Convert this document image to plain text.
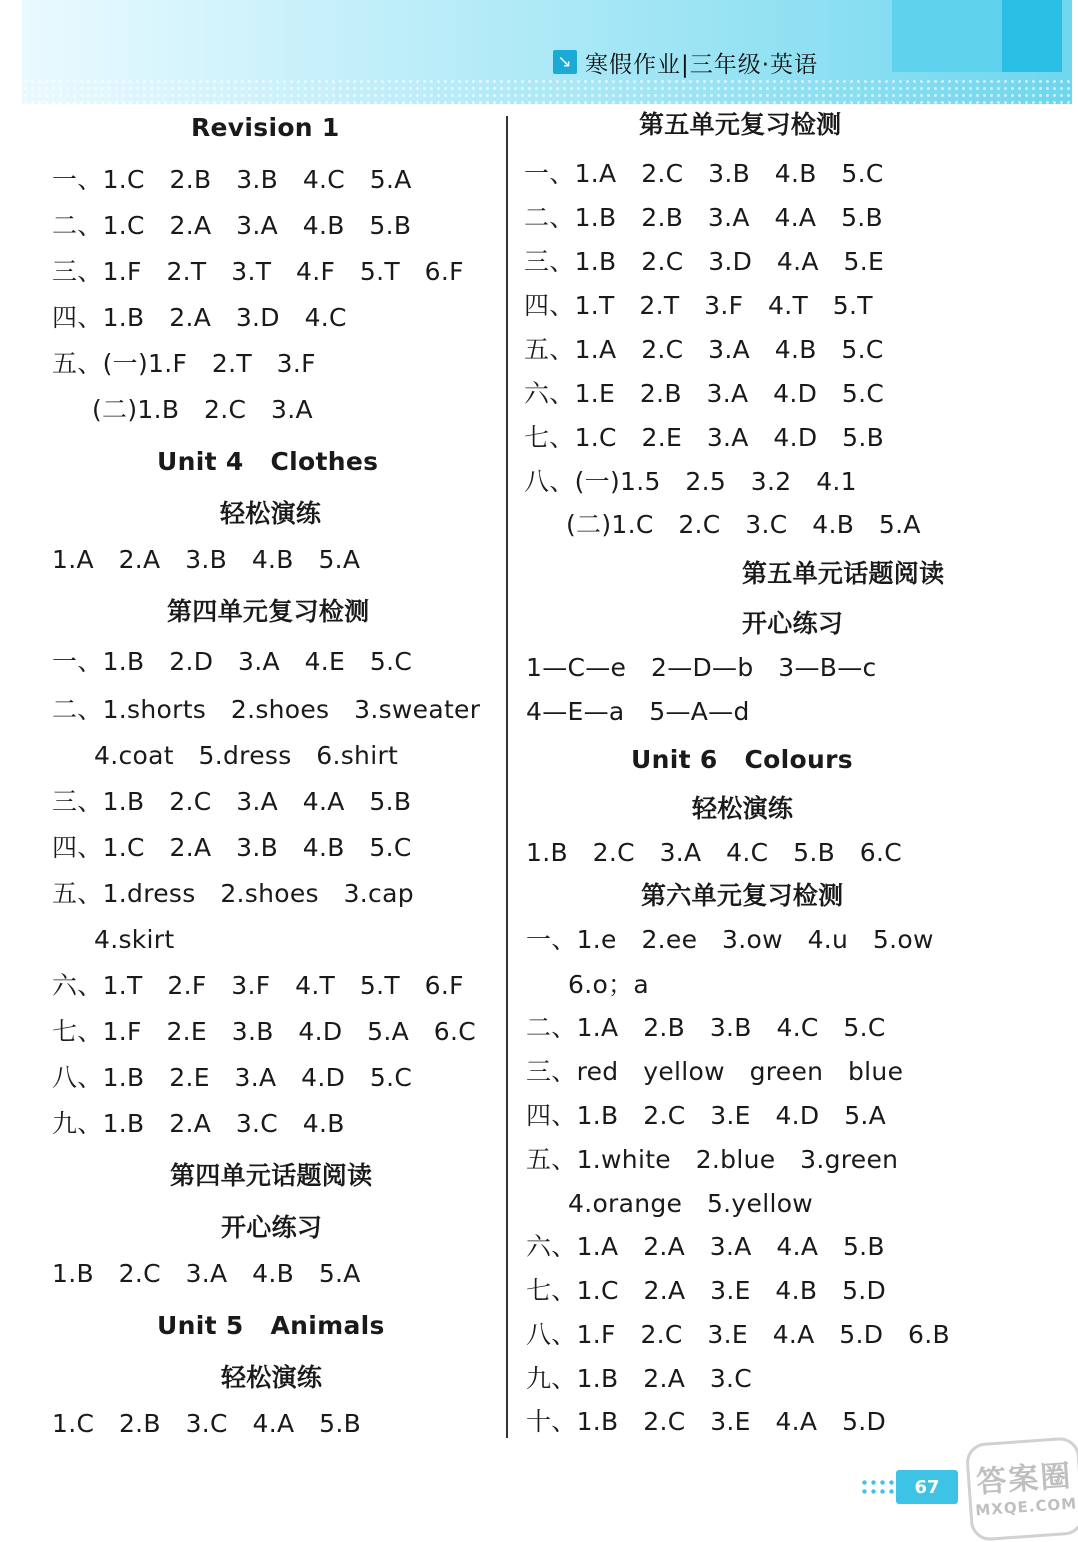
↘ 寒假作业|三年级·英语
Revision 1
一、1.C   2.B   3.B   4.C   5.A
二、1.C   2.A   3.A   4.B   5.B
三、1.F   2.T   3.T   4.F   5.T   6.F
四、1.B   2.A   3.D   4.C
五、(一)1.F   2.T   3.F
(二)1.B   2.C   3.A
Unit 4   Clothes
轻松演练
1.A   2.A   3.B   4.B   5.A
第四单元复习检测
一、1.B   2.D   3.A   4.E   5.C
二、1.shorts   2.shoes   3.sweater
4.coat   5.dress   6.shirt
三、1.B   2.C   3.A   4.A   5.B
四、1.C   2.A   3.B   4.B   5.C
五、1.dress   2.shoes   3.cap
4.skirt
六、1.T   2.F   3.F   4.T   5.T   6.F
七、1.F   2.E   3.B   4.D   5.A   6.C
八、1.B   2.E   3.A   4.D   5.C
九、1.B   2.A   3.C   4.B
第四单元话题阅读
开心练习
1.B   2.C   3.A   4.B   5.A
Unit 5   Animals
轻松演练
1.C   2.B   3.C   4.A   5.B
第五单元复习检测
一、1.A   2.C   3.B   4.B   5.C
二、1.B   2.B   3.A   4.A   5.B
三、1.B   2.C   3.D   4.A   5.E
四、1.T   2.T   3.F   4.T   5.T
五、1.A   2.C   3.A   4.B   5.C
六、1.E   2.B   3.A   4.D   5.C
七、1.C   2.E   3.A   4.D   5.B
八、(一)1.5   2.5   3.2   4.1
(二)1.C   2.C   3.C   4.B   5.A
第五单元话题阅读
开心练习
1—C—e   2—D—b   3—B—c
4—E—a   5—A—d
Unit 6   Colours
轻松演练
1.B   2.C   3.A   4.C   5.B   6.C
第六单元复习检测
一、1.e   2.ee   3.ow   4.u   5.ow
6.o；a
二、1.A   2.B   3.B   4.C   5.C
三、red   yellow   green   blue
四、1.B   2.C   3.E   4.D   5.A
五、1.white   2.blue   3.green
4.orange   5.yellow
六、1.A   2.A   3.A   4.A   5.B
七、1.C   2.A   3.E   4.B   5.D
八、1.F   2.C   3.E   4.A   5.D   6.B
九、1.B   2.A   3.C
十、1.B   2.C   3.E   4.A   5.D
67	答案圈
MXQE.COM
